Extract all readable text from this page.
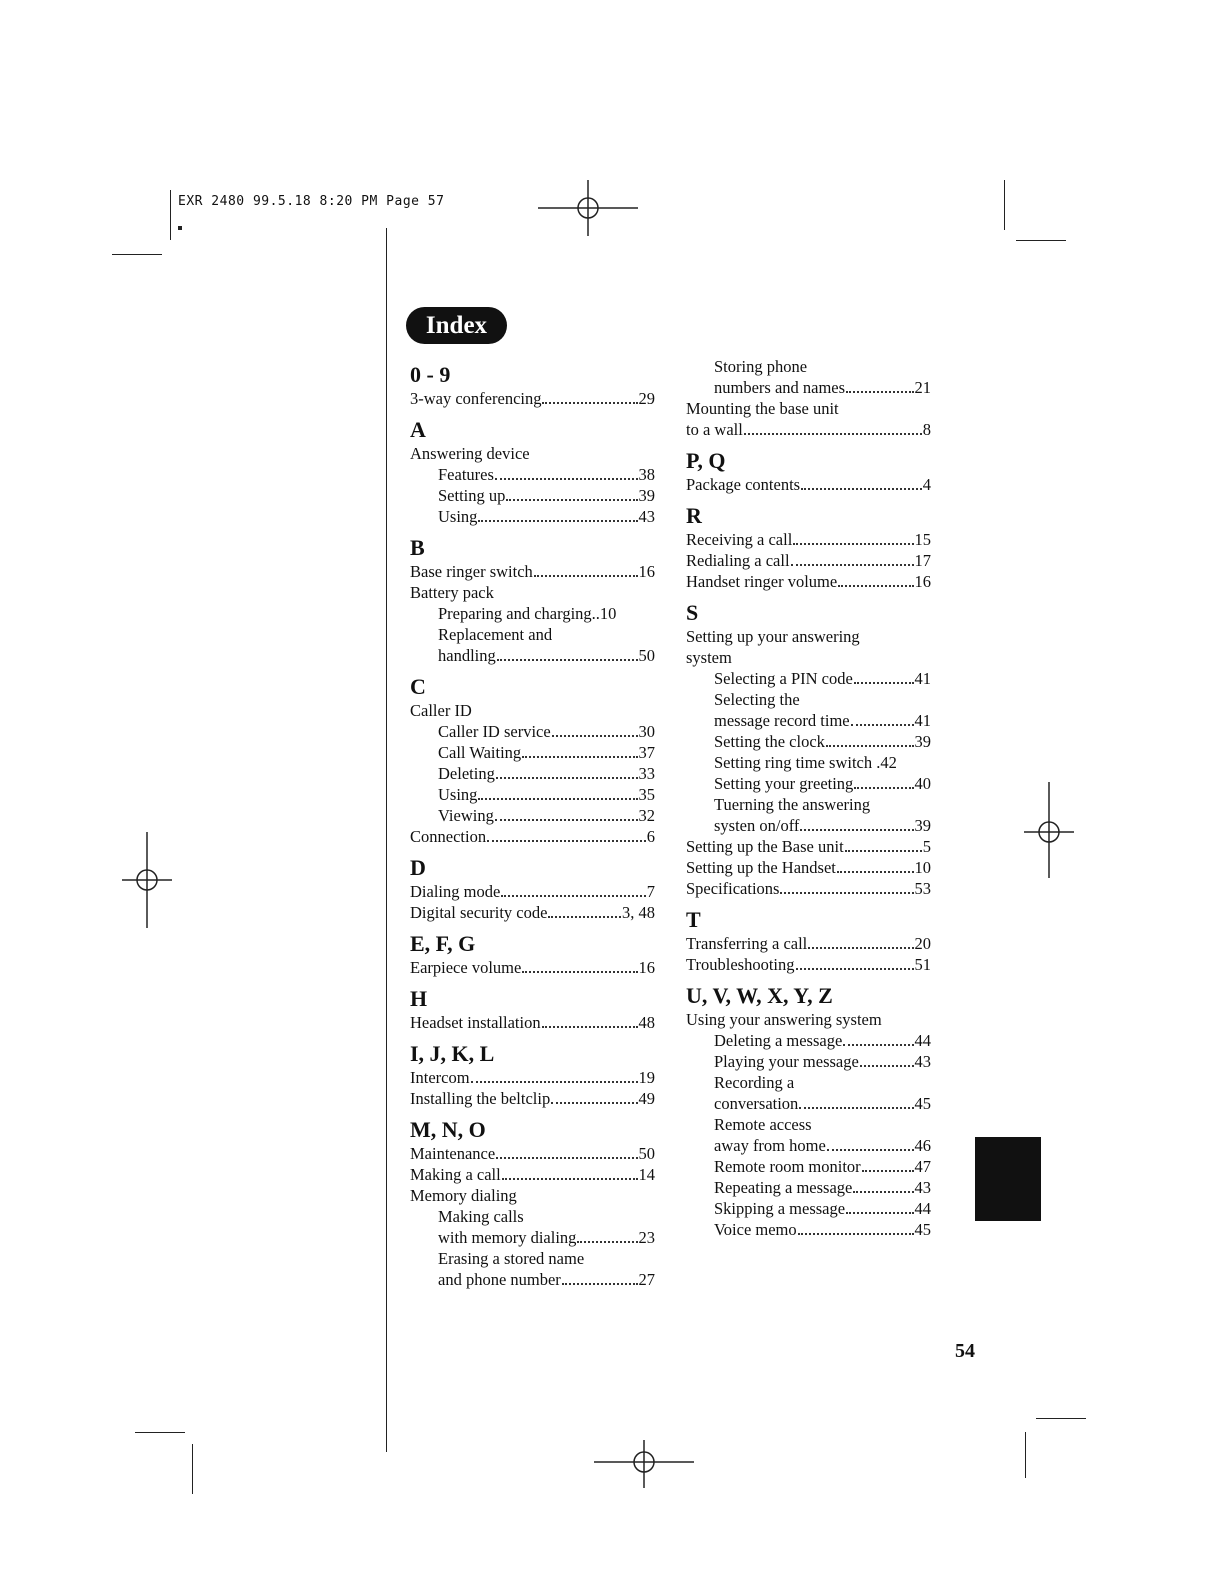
EXR 2480 99.5.18 8:20 PM Page 57
Index
0 - 9
3-way conferencing	29
A
Answering device
Features	38
Setting up	39
Using	43
B
Base ringer switch	16
Battery pack
Preparing and charging..10
Replacement and
handling	50
C
Caller ID
Caller ID service	30
Call Waiting	37
Deleting	33
Using	35
Viewing	32
Connection	6
D
Dialing mode	7
Digital security code	3, 48
E, F, G
Earpiece volume	16
H
Headset installation	48
I, J, K, L
Intercom	19
Installing the beltclip	49
M, N, O
Maintenance	50
Making a call	14
Memory dialing
Making calls
with memory dialing	23
Erasing a stored name
and phone number	27
Storing phone
numbers and names	21
Mounting the base unit
to a wall	8
P, Q
Package contents	4
R
Receiving a call	15
Redialing a call	17
Handset ringer volume	16
S
Setting up your answering
system
Selecting a PIN code	41
Selecting the
message record time	41
Setting the clock	39
Setting ring time switch .42
Setting your greeting	40
Tuerning the answering
systen on/off	39
Setting up the Base unit	5
Setting up the Handset	10
Specifications	53
T
Transferring a call	20
Troubleshooting	51
U, V, W, X, Y, Z
Using your answering system
Deleting a message	44
Playing your message	43
Recording a
conversation	45
Remote access
away from home	46
Remote room monitor	47
Repeating a message	43
Skipping a message	44
Voice memo	45
54
